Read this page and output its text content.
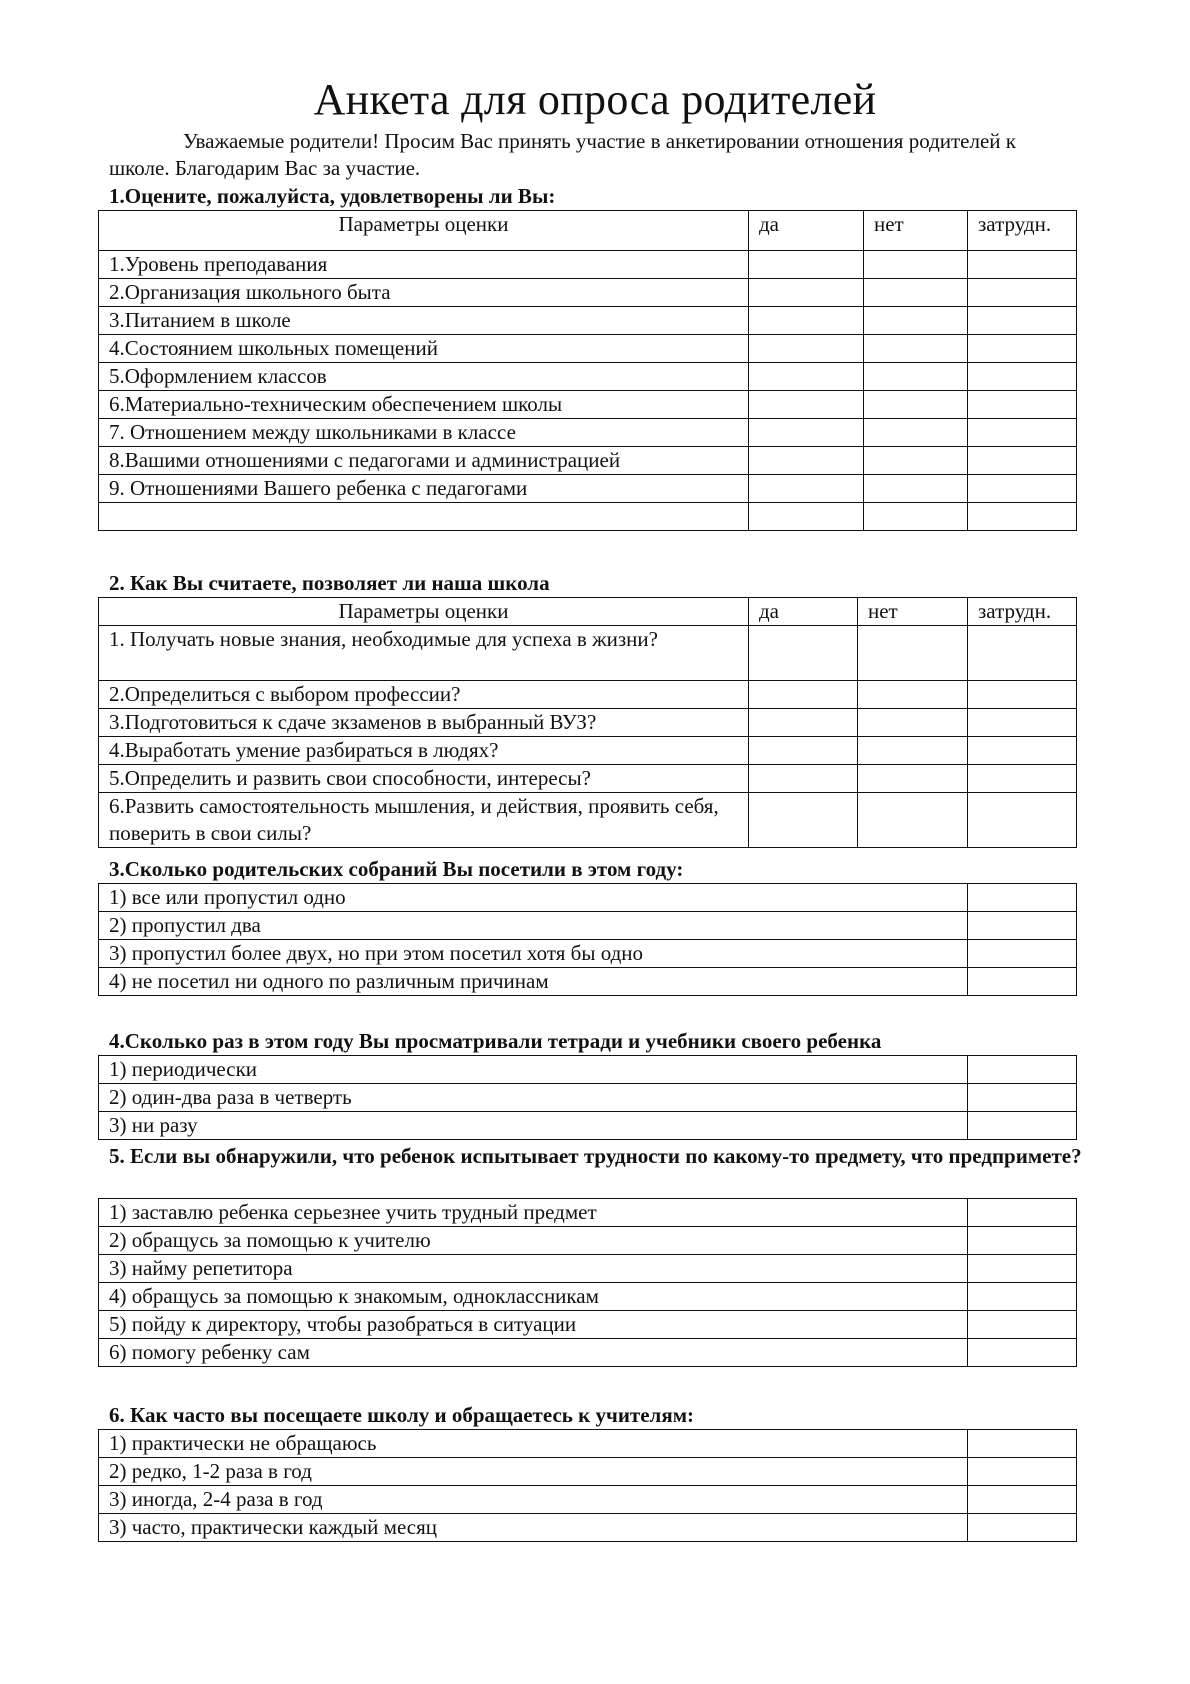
Анкета для опроса родителей

Уважаемые родители! Просим Вас принять участие в анкетировании отношения родителей к школе. Благодарим Вас за участие.

1.Оцените, пожалуйста, удовлетворены ли Вы:
Параметры оценки	да	нет	затрудн.
1.Уровень преподавания			
2.Организация школьного быта			
3.Питанием в школе			
4.Состоянием школьных помещений			
5.Оформлением классов			
6.Материально-техническим обеспечением школы			
7. Отношением между школьниками в классе			
8.Вашими отношениями с педагогами и администрацией			
9. Отношениями Вашего ребенка с педагогами			

2. Как Вы считаете, позволяет ли наша школа
Параметры оценки	да	нет	затрудн.
1. Получать новые знания, необходимые для успеха в жизни?			
2.Определиться с выбором профессии?			
3.Подготовиться к сдаче зкзаменов в выбранный ВУЗ?			
4.Выработать умение разбираться в людях?			
5.Определить и развить свои способности, интересы?			
6.Развить самостоятельность мышления, и действия, проявить себя, поверить в свои силы?			
3.Сколько родительских собраний Вы посетили в этом году:
1) все или пропустил одно	
2) пропустил два	
3) пропустил более двух, но при этом посетил хотя бы одно	
4) не посетил ни одного по различным причинам	
4.Сколько раз в этом году Вы просматривали тетради и учебники своего ребенка
1) периодически	
2) один-два раза в четверть	
3) ни разу	
5. Если вы обнаружили, что ребенок испытывает трудности по какому-то предмету, что предпримете?
1) заставлю ребенка серьезнее учить трудный предмет	
2) обращусь за помощью к учителю	
3) найму репетитора	
4) обращусь за помощью к знакомым, одноклассникам	
5) пойду к директору, чтобы разобраться в ситуации	
6) помогу ребенку сам	
6. Как часто вы посещаете школу и обращаетесь к учителям:
1) практически не обращаюсь	
2) редко, 1-2 раза в год	
3) иногда, 2-4 раза в год	
3) часто, практически каждый месяц	
